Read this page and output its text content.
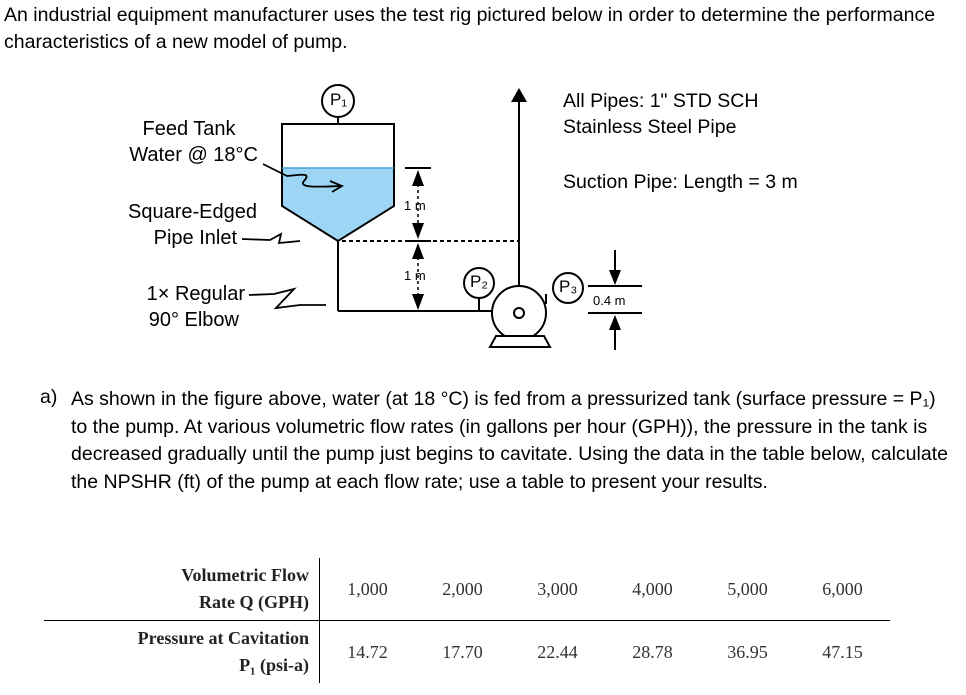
An industrial equipment manufacturer uses the test rig pictured below in order to determine the performance characteristics of a new model of pump.

P₁
P₂	P₃
1 m
1 m
0.4 m
Feed Tank
Water @ 18°C
Square-Edged
Pipe Inlet
1× Regular
90° Elbow
All Pipes: 1" STD SCH
Stainless Steel Pipe
Suction Pipe: Length = 3 m
a) As shown in the figure above, water (at 18 °C) is fed from a pressurized tank (surface pressure = P₁) to the pump. At various volumetric flow rates (in gallons per hour (GPH)), the pressure in the tank is decreased gradually until the pump just begins to cavitate. Using the data in the table below, calculate the NPSHR (ft) of the pump at each flow rate; use a table to present your results.

Volumetric Flow
Rate Q (GPH)	1,000	2,000	3,000	4,000	5,000	6,000

Pressure at Cavitation
P₁ (psi-a)	14.72	17.70	22.44	28.78	36.95	47.15
